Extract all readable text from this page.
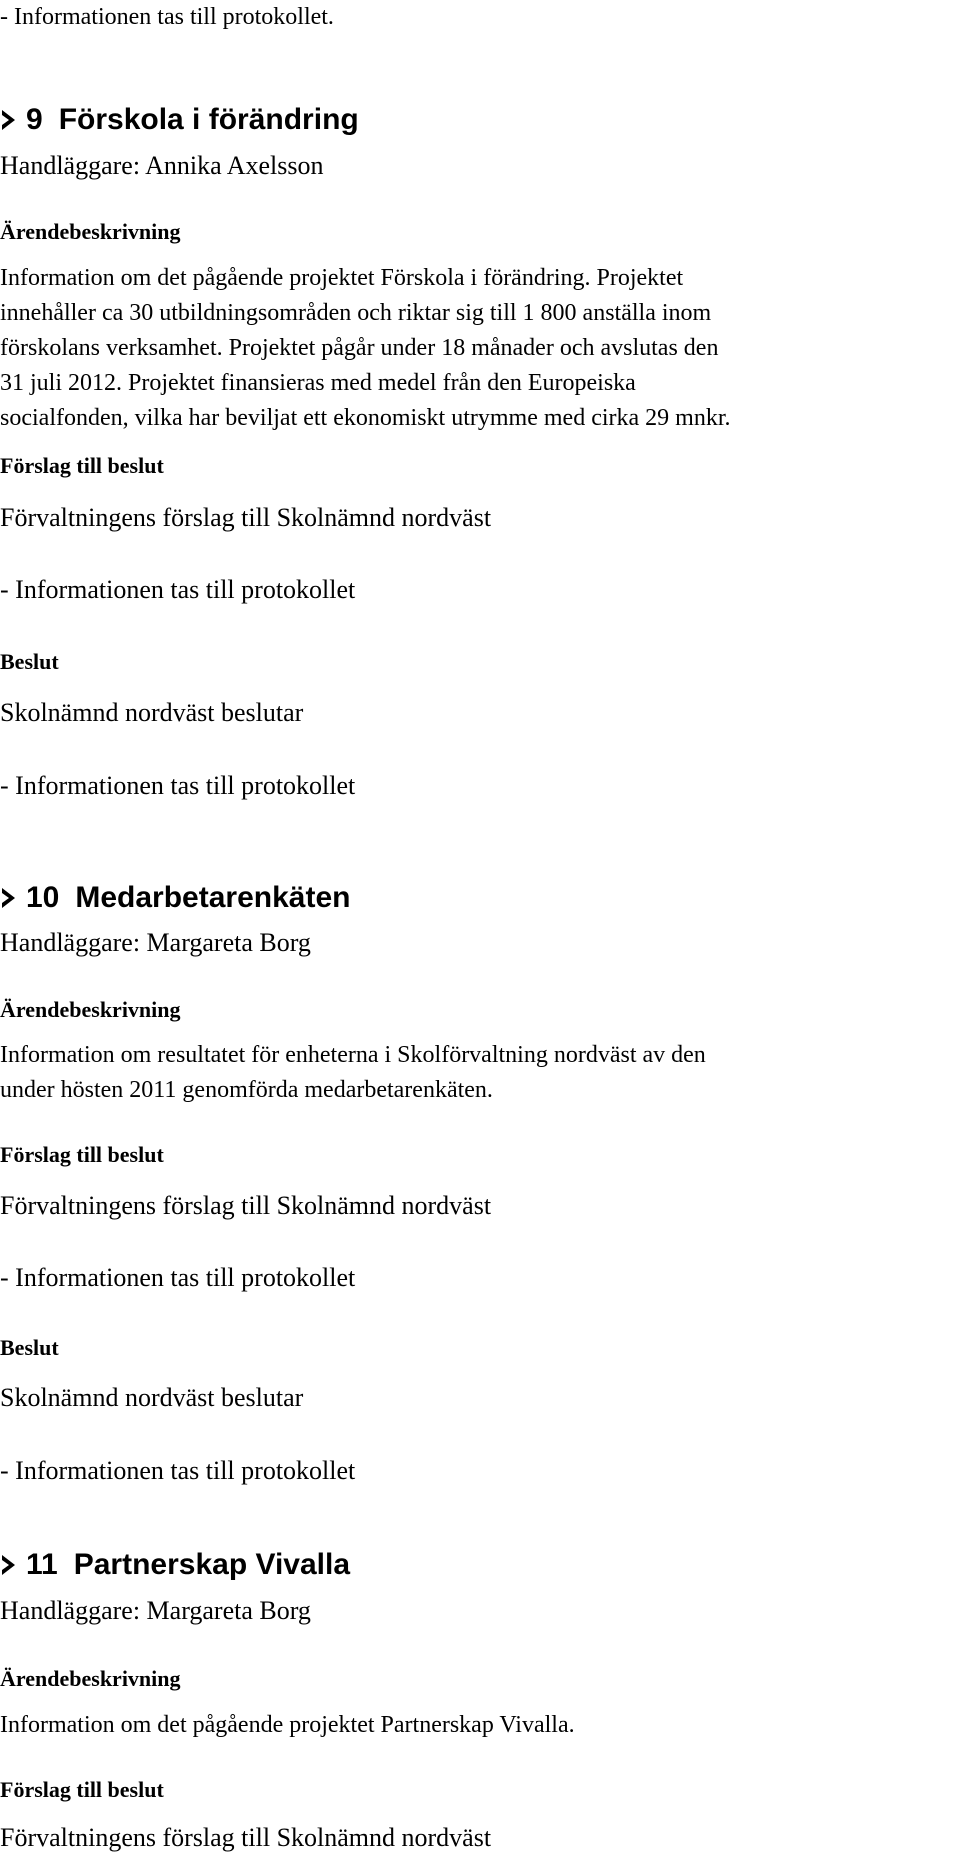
- Informationen tas till protokollet.
9 Förskola i förändring
Handläggare: Annika Axelsson
Ärendebeskrivning
Information om det pågående projektet Förskola i förändring. Projektet
innehåller ca 30 utbildningsområden och riktar sig till 1 800 anställa inom
förskolans verksamhet. Projektet pågår under 18 månader och avslutas den
31 juli 2012. Projektet finansieras med medel från den Europeiska
socialfonden, vilka har beviljat ett ekonomiskt utrymme med cirka 29 mnkr.
Förslag till beslut
Förvaltningens förslag till Skolnämnd nordväst
- Informationen tas till protokollet
Beslut
Skolnämnd nordväst beslutar
- Informationen tas till protokollet
10 Medarbetarenkäten
Handläggare: Margareta Borg
Ärendebeskrivning
Information om resultatet för enheterna i Skolförvaltning nordväst av den
under hösten 2011 genomförda medarbetarenkäten.
Förslag till beslut
Förvaltningens förslag till Skolnämnd nordväst
- Informationen tas till protokollet
Beslut
Skolnämnd nordväst beslutar
- Informationen tas till protokollet
11 Partnerskap Vivalla
Handläggare: Margareta Borg
Ärendebeskrivning
Information om det pågående projektet Partnerskap Vivalla.
Förslag till beslut
Förvaltningens förslag till Skolnämnd nordväst
